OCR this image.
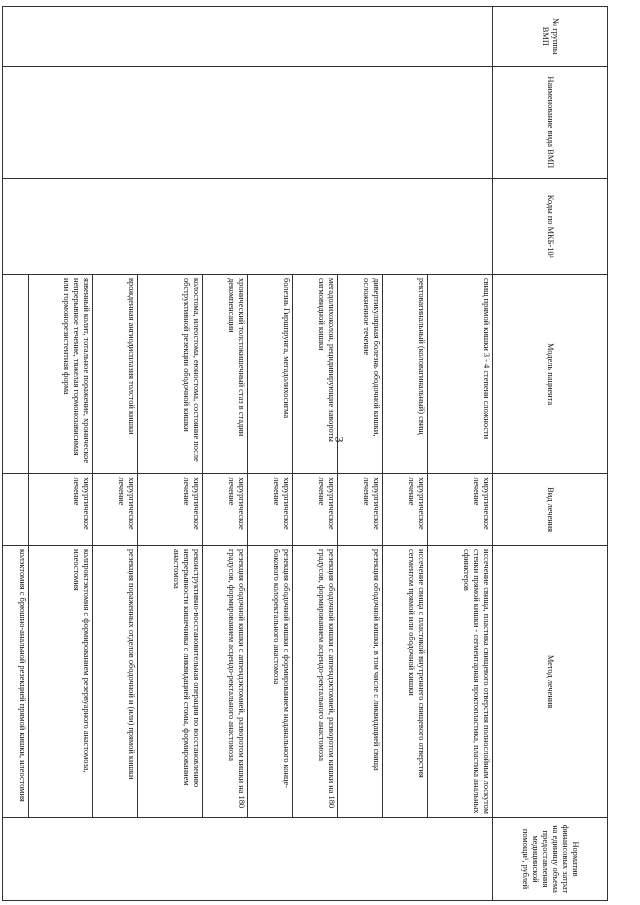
3
№ группы ВМП	Наименование вида ВМП	Коды по МКБ-10¹	Модель пациента	Вид лечения	Метод лечения	Норматив финансовых затрат на единицу объема предоставления медицинской помощи¹, рублей
			свищ прямой кишки 3 - 4 степени сложности	хирургическое лечение	иссечение свища, пластика свищевого отверстия полнослойным лоскутом стенки прямой кишки - сегментарная проктопластика, пластика анальных сфинктеров	
			ректовагинальный (коловагинальный) свищ	хирургическое лечение	иссечение свища с пластикой внутреннего свищевого отверстия сегментом прямой или ободочной кишки	
			дивертикулярная болезнь ободочной кишки, осложненное течение	хирургическое лечение	резекция ободочной кишки, в том числе с ликвидацией свища	
			мегадолихоколон, рецидивирующие завороты сигмовидной кишки	хирургическое лечение	резекция ободочной кишки с аппендэктомией, разворотом кишки на 180 градусов, формированием асцендо-ректального анастомоза	
			болезнь Гиршпрунга, мегадолихосигма	хирургическое лечение	резекция ободочной кишки с формированием наданального конце-бокового колоректального анастомоза	
			хронический толстокишечный стаз в стадии декомпенсации	хирургическое лечение	резекция ободочной кишки с аппендэктомией, разворотом кишки на 180 градусов, формированием асцендо-ректального анастомоза	
			колостома, илеостома, еюностома, состояние после обструктивной резекции ободочной кишки	хирургическое лечение	реконструктивно-восстановительная операция по восстановлению непрерывности кишечника с ликвидацией стомы, формированием анастомоза	
			врожденная ангиодисплазия толстой кишки	хирургическое лечение	резекция пораженных отделов ободочной и (или) прямой кишки	
			язвенный колит, тотальное поражение, хроническое непрерывное течение, тяжелая гормонозависимая или гормонорезистентная форма	хирургическое лечение	колпроктэктомия с формированием резервуарного анастомоза, илеостомия	
					колэктомия с брюшно-анальной резекцией прямой кишки, илеостомия	
